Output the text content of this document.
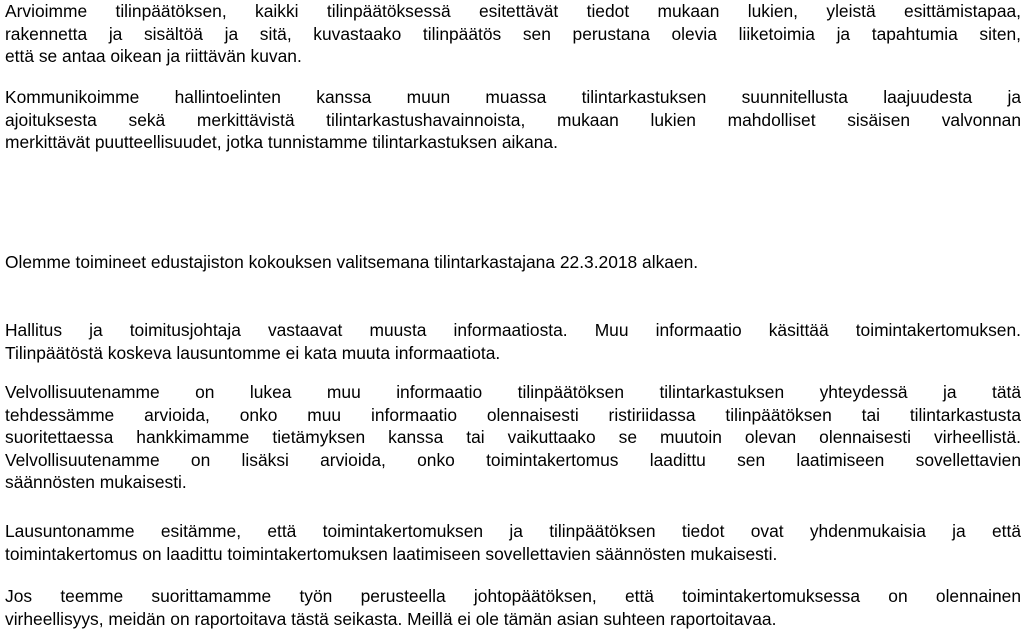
Arvioimme tilinpäätöksen, kaikki tilinpäätöksessä esitettävät tiedot mukaan lukien, yleistä esittämistapaa,
rakennetta ja sisältöä ja sitä, kuvastaako tilinpäätös sen perustana olevia liiketoimia ja tapahtumia siten,
että se antaa oikean ja riittävän kuvan.

Kommunikoimme hallintoelinten kanssa muun muassa tilintarkastuksen suunnitellusta laajuudesta ja
ajoituksesta sekä merkittävistä tilintarkastushavainnoista, mukaan lukien mahdolliset sisäisen valvonnan
merkittävät puutteellisuudet, jotka tunnistamme tilintarkastuksen aikana.

Olemme toimineet edustajiston kokouksen valitsemana tilintarkastajana 22.3.2018 alkaen.

Hallitus ja toimitusjohtaja vastaavat muusta informaatiosta. Muu informaatio käsittää toimintakertomuksen.
Tilinpäätöstä koskeva lausuntomme ei kata muuta informaatiota.

Velvollisuutenamme on lukea muu informaatio tilinpäätöksen tilintarkastuksen yhteydessä ja tätä
tehdessämme arvioida, onko muu informaatio olennaisesti ristiriidassa tilinpäätöksen tai tilintarkastusta
suoritettaessa hankkimamme tietämyksen kanssa tai vaikuttaako se muutoin olevan olennaisesti virheellistä.
Velvollisuutenamme on lisäksi arvioida, onko toimintakertomus laadittu sen laatimiseen sovellettavien
säännösten mukaisesti.

Lausuntonamme esitämme, että toimintakertomuksen ja tilinpäätöksen tiedot ovat yhdenmukaisia ja että
toimintakertomus on laadittu toimintakertomuksen laatimiseen sovellettavien säännösten mukaisesti.

Jos teemme suorittamamme työn perusteella johtopäätöksen, että toimintakertomuksessa on olennainen
virheellisyys, meidän on raportoitava tästä seikasta. Meillä ei ole tämän asian suhteen raportoitavaa.
